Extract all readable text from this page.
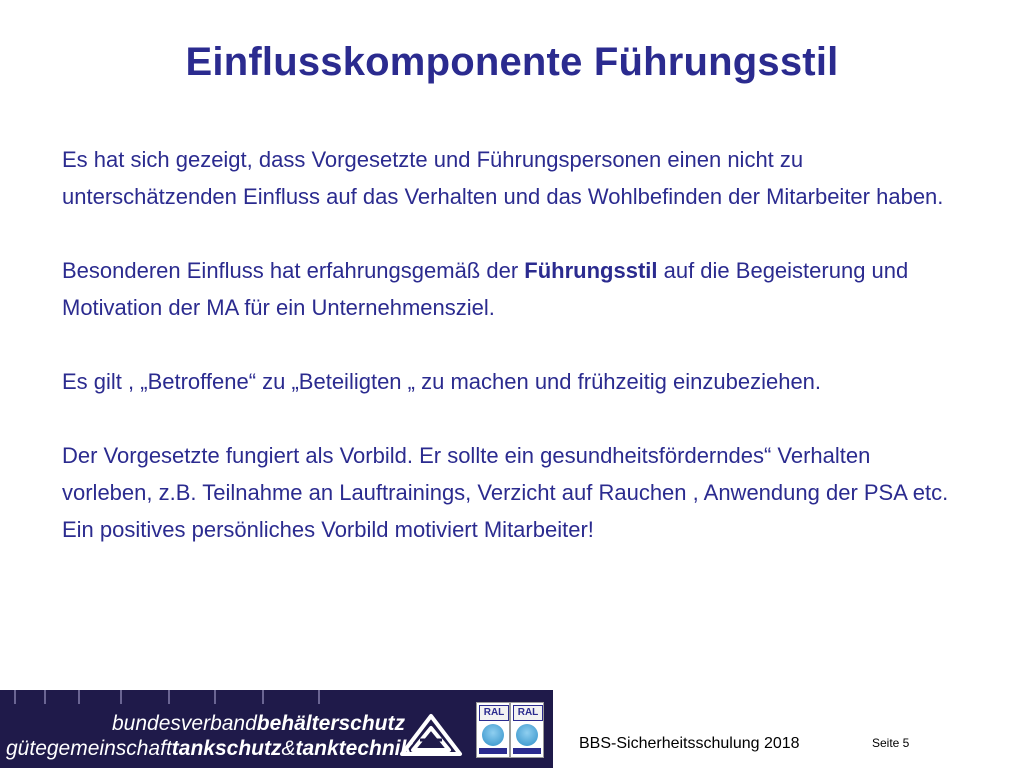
Einflusskomponente Führungsstil

Es hat sich gezeigt, dass Vorgesetzte und Führungspersonen einen nicht zu unterschätzenden Einfluss auf das Verhalten und das Wohlbefinden der Mitarbeiter haben.

Besonderen Einfluss hat erfahrungsgemäß der Führungsstil auf die Begeisterung und Motivation der MA für ein Unternehmensziel.

Es gilt , „Betroffene“ zu „Beteiligten „ zu machen und frühzeitig einzubeziehen.

Der Vorgesetzte fungiert als Vorbild. Er sollte ein gesundheitsförderndes“ Verhalten vorleben, z.B. Teilnahme an Lauftrainings, Verzicht auf Rauchen , Anwendung der PSA etc.
Ein positives persönliches Vorbild motiviert Mitarbeiter!

bundesverbandbehälterschutz
gütegemeinschafttankschutz&tanktechnik
RAL	RAL
BBS-Sicherheitsschulung 2018	Seite 5
